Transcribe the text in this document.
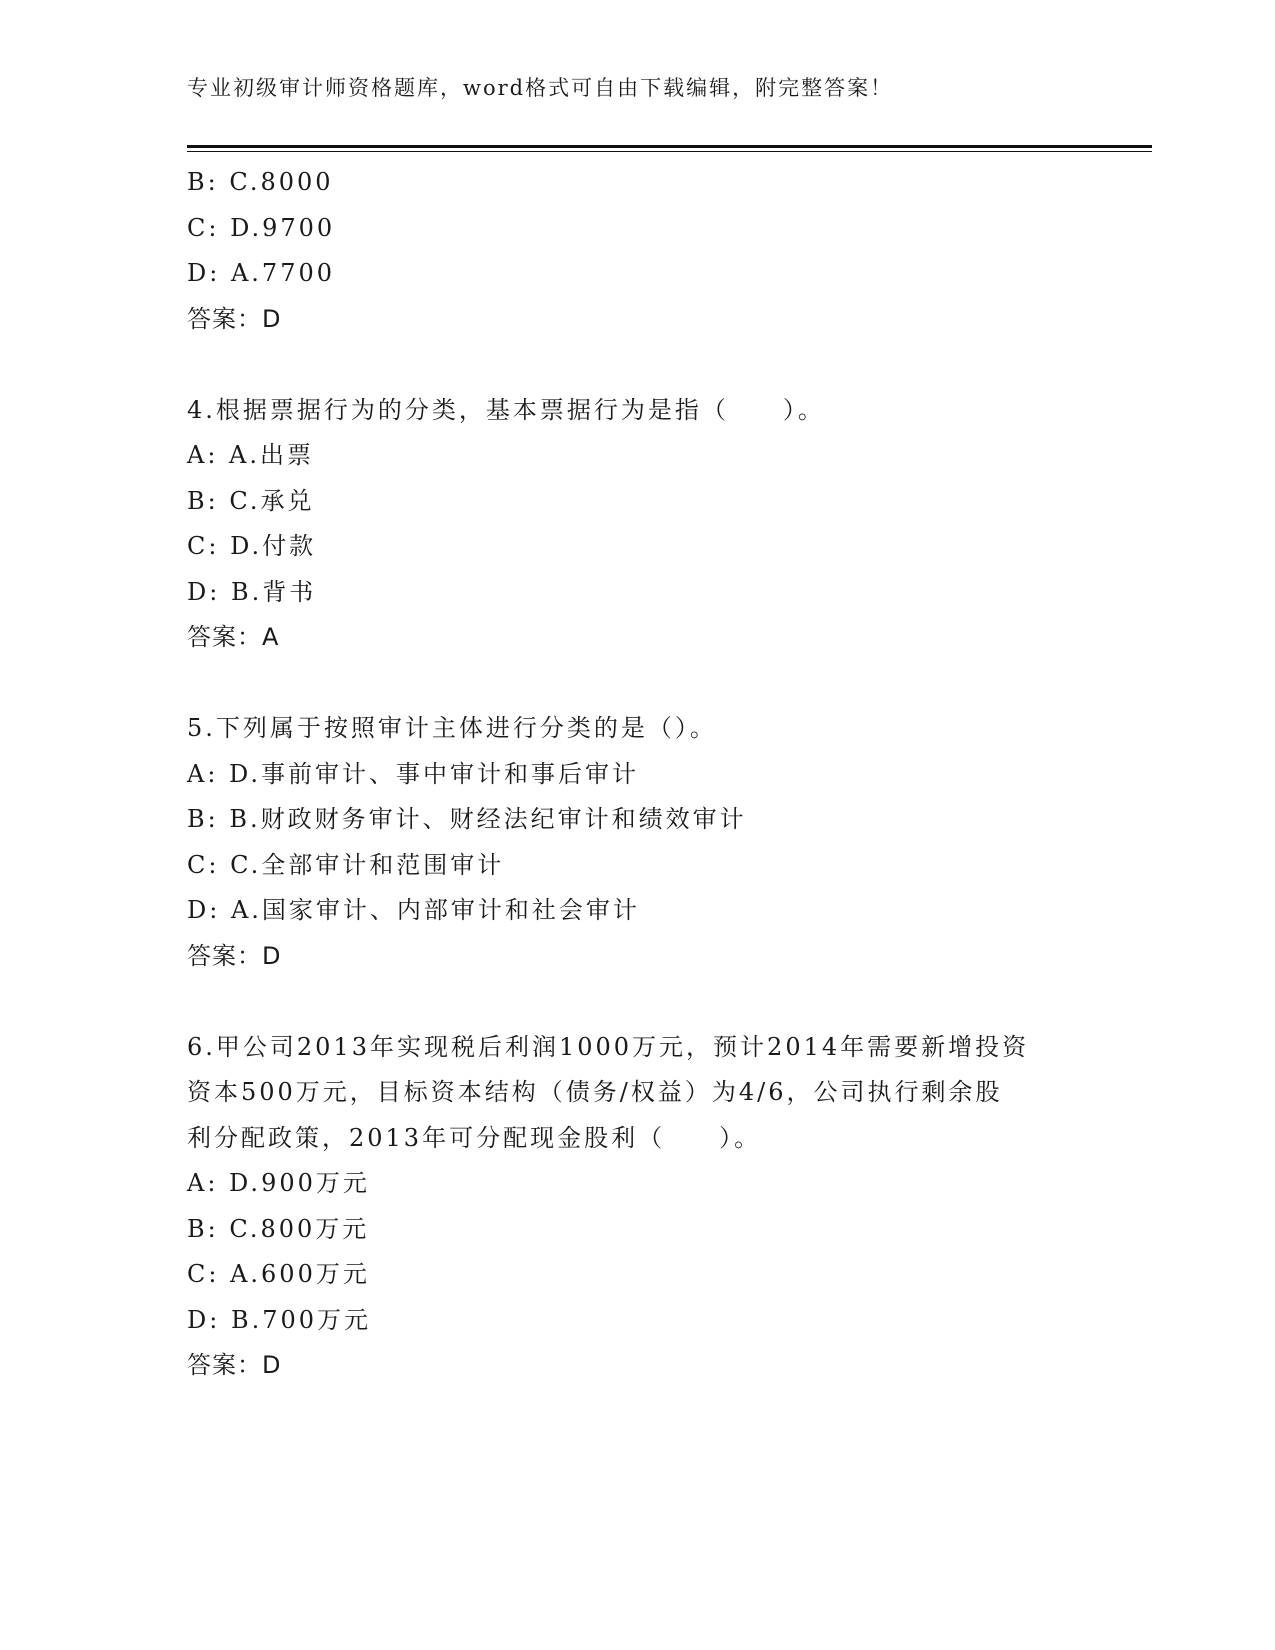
专业初级审计师资格题库，word格式可自由下载编辑，附完整答案！
B: C.8000
C: D.9700
D: A.7700
答案：D
4.根据票据行为的分类，基本票据行为是指（　　）。
A: A.出票
B: C.承兑
C: D.付款
D: B.背书
答案：A
5.下列属于按照审计主体进行分类的是（）。
A: D.事前审计、事中审计和事后审计
B: B.财政财务审计、财经法纪审计和绩效审计
C: C.全部审计和范围审计
D: A.国家审计、内部审计和社会审计
答案：D
6.甲公司2013年实现税后利润1000万元，预计2014年需要新增投资
资本500万元，目标资本结构（债务/权益）为4/6，公司执行剩余股
利分配政策，2013年可分配现金股利（　　）。
A: D.900万元
B: C.800万元
C: A.600万元
D: B.700万元
答案：D
